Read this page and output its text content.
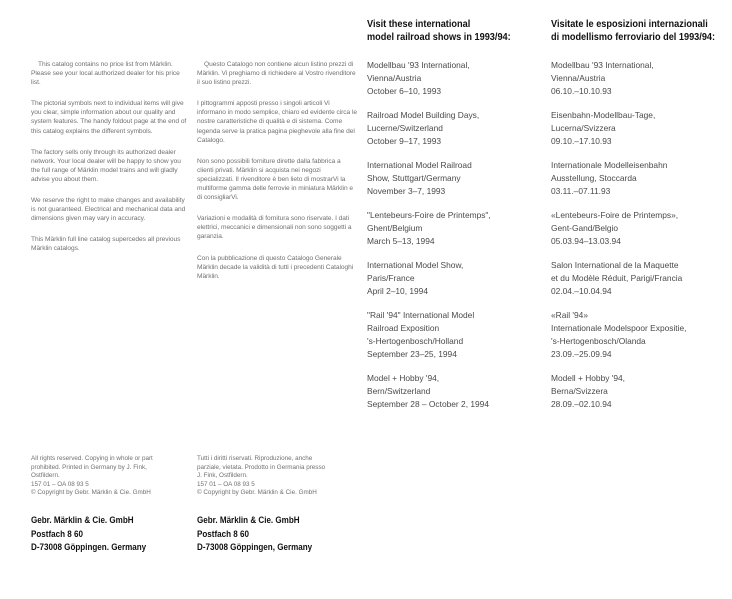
This catalog contains no price list from Märklin. Please see your local authorized dealer for his price list.

The pictorial symbols next to individual items will give you clear, simple information about our quality and system features. The handy foldout page at the end of this catalog explains the different symbols.

The factory sells only through its authorized dealer network. Your local dealer will be happy to show you the full range of Märklin model trains and will gladly advise you about them.

We reserve the right to make changes and availability is not guaranteed. Electrical and mechanical data and dimensions given may vary in accuracy.

This Märklin full line catalog supercedes all previous Märklin catalogs.

Questo Catalogo non contiene alcun listino prezzi di Märklin. Vi preghiamo di richiedere al Vostro rivenditore il suo listino prezzi.

I pittogrammi apposti presso i singoli articoli Vi informano in modo semplice, chiaro ed evidente circa le nostre caratteristiche di qualità e di sistema. Come legenda serve la pratica pagina pieghevole alla fine del Catalogo.

Non sono possibili forniture dirette dalla fabbrica a clienti privati. Märklin si acquista nei negozi specializzati. Il rivenditore è ben lieto di mostrarVi la multiforme gamma delle ferrovie in miniatura Märklin e di consigliarVi.

Variazioni e modalità di fornitura sono riservate. I dati elettrici, meccanici e dimensionali non sono soggetti a garanzia.

Con la pubblicazione di questo Catalogo Generale Märklin decade la validità di tutti i precedenti Cataloghi Märklin.

Visit these international
model railroad shows in 1993/94:
Modellbau '93 International,
Vienna/Austria
October 6–10, 1993
Railroad Model Building Days,
Lucerne/Switzerland
October 9–17, 1993
International Model Railroad
Show, Stuttgart/Germany
November 3–7, 1993
"Lentebeurs-Foire de Printemps",
Ghent/Belgium
March 5–13, 1994
International Model Show,
Paris/France
April 2–10, 1994
"Rail '94" International Model
Railroad Exposition
's-Hertogenbosch/Holland
September 23–25, 1994
Model + Hobby '94,
Bern/Switzerland
September 28 – October 2, 1994
Visitate le esposizioni internazionali
di modellismo ferroviario del 1993/94:
Modellbau '93 International,
Vienna/Austria
06.10.–10.10.93
Eisenbahn-Modellbau-Tage,
Lucerna/Svizzera
09.10.–17.10.93
Internationale Modelleisenbahn
Ausstellung, Stoccarda
03.11.–07.11.93
«Lentebeurs-Foire de Printemps»,
Gent-Gand/Belgio
05.03.94–13.03.94
Salon International de la Maquette
et du Modèle Réduit, Parigi/Francia
02.04.–10.04.94
«Rail '94»
Internationale Modelspoor Expositie,
's-Hertogenbosch/Olanda
23.09.–25.09.94
Modell + Hobby '94,
Berna/Svizzera
28.09.–02.10.94
All rights reserved. Copying in whole or part
prohibited. Printed in Germany by J. Fink,
Ostfildern.
157 01 – OA 08 93 5
© Copyright by Gebr. Märklin & Cie. GmbH
Tutti i diritti riservati. Riproduzione, anche
parziale, vietata. Prodotto in Germania presso
J. Fink, Ostfildern.
157 01 – OA 08 93 5
© Copyright by Gebr. Märklin & Cie. GmbH
Gebr. Märklin & Cie. GmbH
Postfach 8 60
D-73008 Göppingen. Germany
Gebr. Märklin & Cie. GmbH
Postfach 8 60
D-73008 Göppingen, Germany
